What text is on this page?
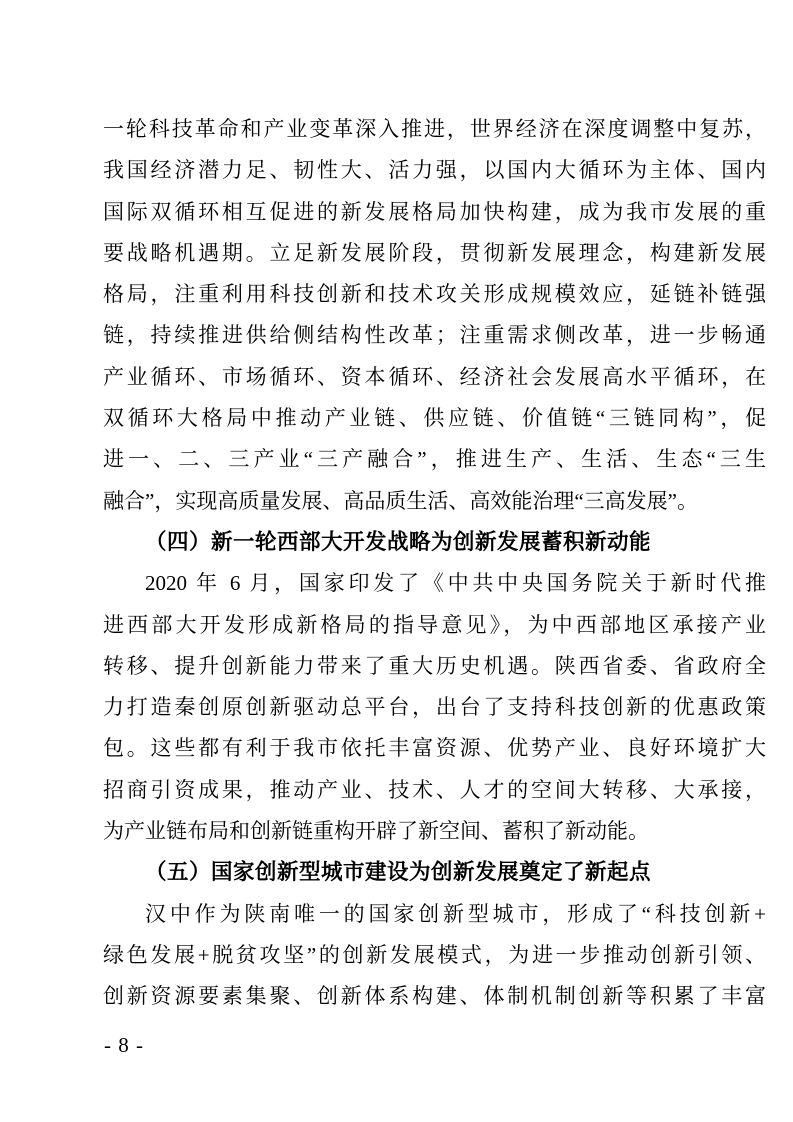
一轮科技革命和产业变革深入推进，世界经济在深度调整中复苏，
我国经济潜力足、韧性大、活力强，以国内大循环为主体、国内
国际双循环相互促进的新发展格局加快构建，成为我市发展的重
要战略机遇期。立足新发展阶段，贯彻新发展理念，构建新发展
格局，注重利用科技创新和技术攻关形成规模效应，延链补链强
链，持续推进供给侧结构性改革；注重需求侧改革，进一步畅通
产业循环、市场循环、资本循环、经济社会发展高水平循环，在
双循环大格局中推动产业链、供应链、价值链“三链同构”，促
进一、二、三产业“三产融合”，推进生产、生活、生态“三生
融合”，实现高质量发展、高品质生活、高效能治理“三高发展”。
（四）新一轮西部大开发战略为创新发展蓄积新动能
2020 年 6 月，国家印发了《中共中央国务院关于新时代推
进西部大开发形成新格局的指导意见》，为中西部地区承接产业
转移、提升创新能力带来了重大历史机遇。陕西省委、省政府全
力打造秦创原创新驱动总平台，出台了支持科技创新的优惠政策
包。这些都有利于我市依托丰富资源、优势产业、良好环境扩大
招商引资成果，推动产业、技术、人才的空间大转移、大承接，
为产业链布局和创新链重构开辟了新空间、蓄积了新动能。
（五）国家创新型城市建设为创新发展奠定了新起点
汉中作为陕南唯一的国家创新型城市，形成了“科技创新+
绿色发展+脱贫攻坚”的创新发展模式，为进一步推动创新引领、
创新资源要素集聚、创新体系构建、体制机制创新等积累了丰富
- 8 -
